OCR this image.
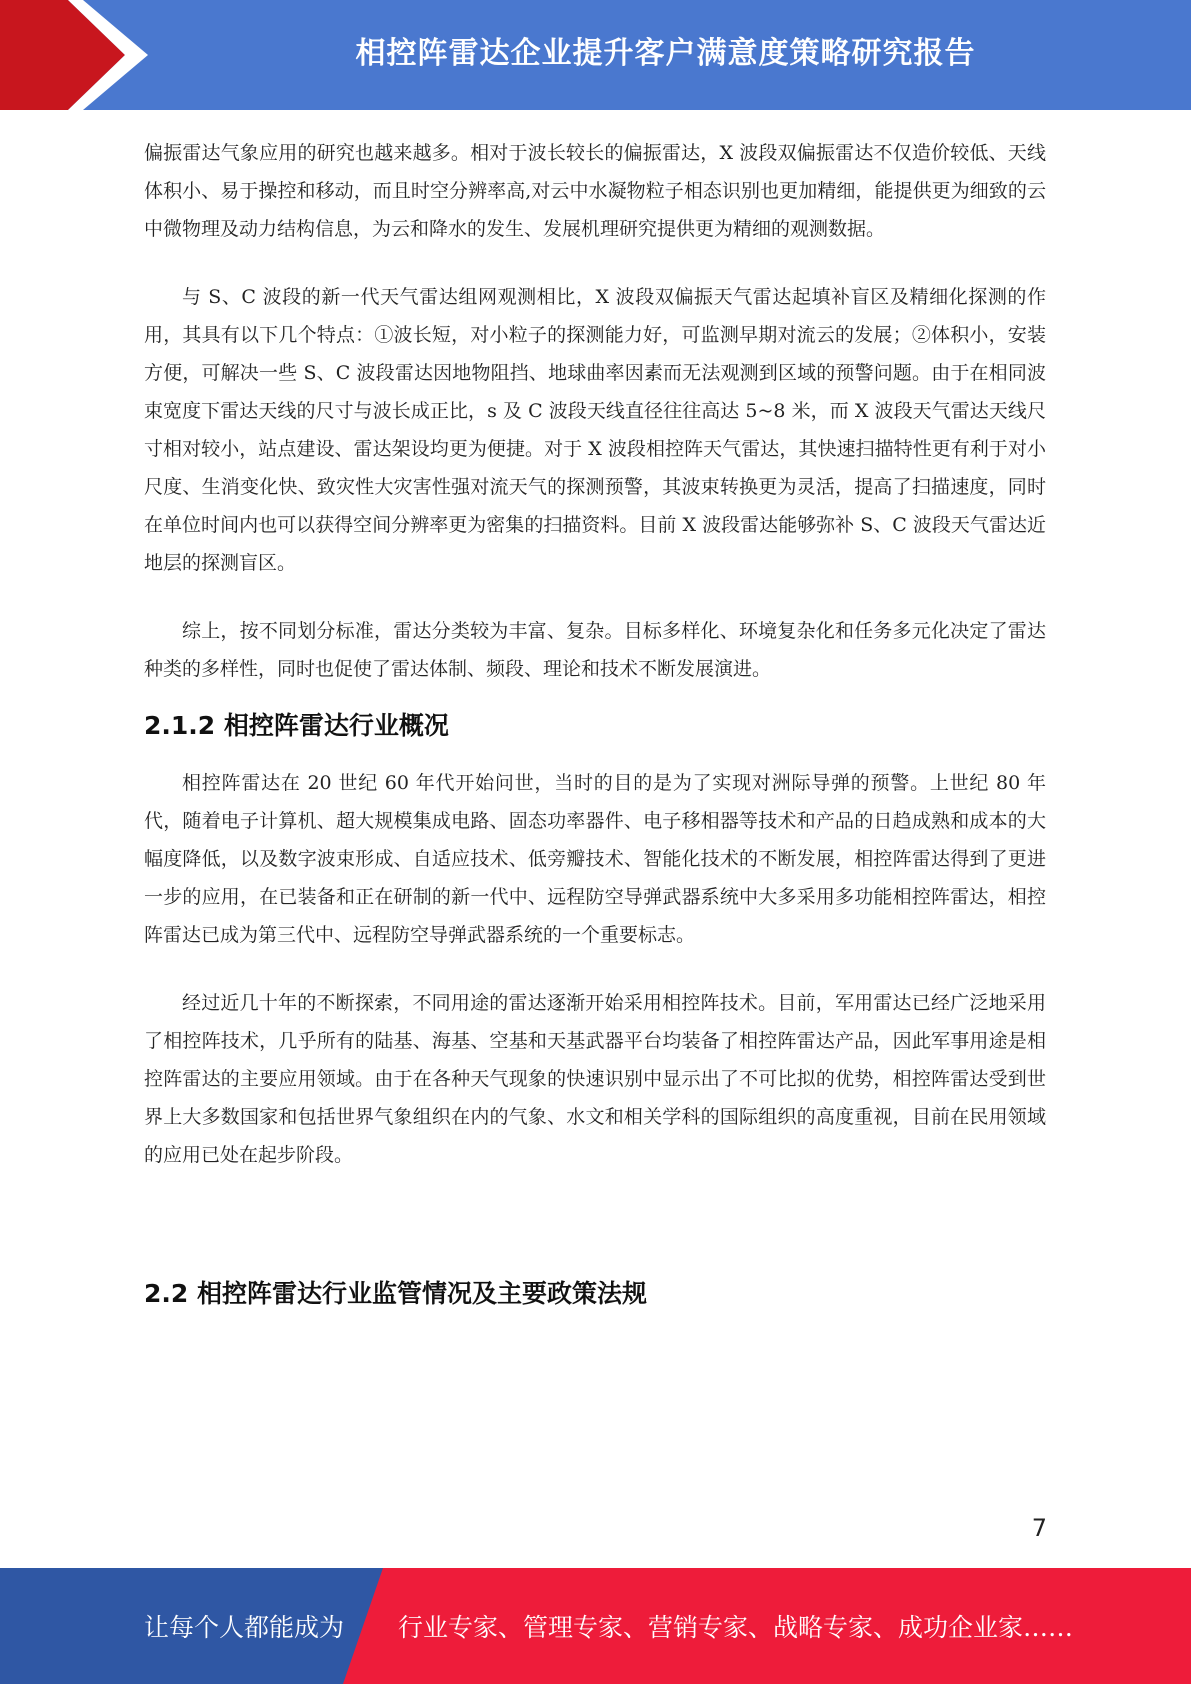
相控阵雷达企业提升客户满意度策略研究报告

偏振雷达气象应用的研究也越来越多。相对于波长较长的偏振雷达，X 波段双偏振雷达不仅造价较低、天线体积小、易于操控和移动，而且时空分辨率高,对云中水凝物粒子相态识别也更加精细，能提供更为细致的云中微物理及动力结构信息，为云和降水的发生、发展机理研究提供更为精细的观测数据。

与 S、C 波段的新一代天气雷达组网观测相比，X 波段双偏振天气雷达起填补盲区及精细化探测的作用，其具有以下几个特点：①波长短，对小粒子的探测能力好，可监测早期对流云的发展；②体积小，安装方便，可解决一些 S、C 波段雷达因地物阻挡、地球曲率因素而无法观测到区域的预警问题。由于在相同波束宽度下雷达天线的尺寸与波长成正比，s 及 C 波段天线直径往往高达 5~8 米，而 X 波段天气雷达天线尺寸相对较小，站点建设、雷达架设均更为便捷。对于 X 波段相控阵天气雷达，其快速扫描特性更有利于对小尺度、生消变化快、致灾性大灾害性强对流天气的探测预警，其波束转换更为灵活，提高了扫描速度，同时在单位时间内也可以获得空间分辨率更为密集的扫描资料。目前 X 波段雷达能够弥补 S、C 波段天气雷达近地层的探测盲区。

综上，按不同划分标准，雷达分类较为丰富、复杂。目标多样化、环境复杂化和任务多元化决定了雷达种类的多样性，同时也促使了雷达体制、频段、理论和技术不断发展演进。

2.1.2 相控阵雷达行业概况

相控阵雷达在 20 世纪 60 年代开始问世，当时的目的是为了实现对洲际导弹的预警。上世纪 80 年代，随着电子计算机、超大规模集成电路、固态功率器件、电子移相器等技术和产品的日趋成熟和成本的大幅度降低，以及数字波束形成、自适应技术、低旁瓣技术、智能化技术的不断发展，相控阵雷达得到了更进一步的应用，在已装备和正在研制的新一代中、远程防空导弹武器系统中大多采用多功能相控阵雷达，相控阵雷达已成为第三代中、远程防空导弹武器系统的一个重要标志。

经过近几十年的不断探索，不同用途的雷达逐渐开始采用相控阵技术。目前，军用雷达已经广泛地采用了相控阵技术，几乎所有的陆基、海基、空基和天基武器平台均装备了相控阵雷达产品，因此军事用途是相控阵雷达的主要应用领域。由于在各种天气现象的快速识别中显示出了不可比拟的优势，相控阵雷达受到世界上大多数国家和包括世界气象组织在内的气象、水文和相关学科的国际组织的高度重视，目前在民用领域的应用已处在起步阶段。

2.2 相控阵雷达行业监管情况及主要政策法规
7
让每个人都能成为 行业专家、管理专家、营销专家、战略专家、成功企业家……
